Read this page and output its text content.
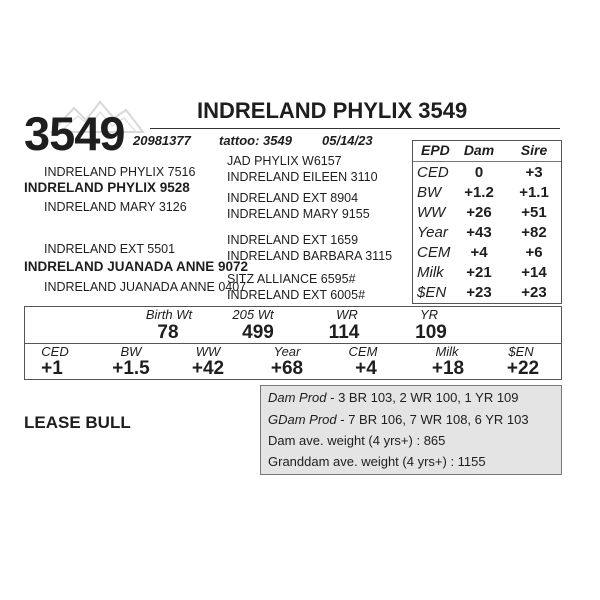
3549	INDRELAND PHYLIX 3549
20981377 tattoo: 3549 05/14/23
INDRELAND PHYLIX 7516
INDRELAND PHYLIX 9528
INDRELAND MARY 3126
INDRELAND EXT 5501
INDRELAND JUANADA ANNE 9072
INDRELAND JUANADA ANNE 0407
JAD PHYLIX W6157
INDRELAND EILEEN 3110
INDRELAND EXT 8904
INDRELAND MARY 9155
INDRELAND EXT 1659
INDRELAND BARBARA 3115
SITZ ALLIANCE 6595#
INDRELAND EXT 6005#
EPD	Dam	Sire
CED	0	+3
BW	+1.2	+1.1
WW	+26	+51
Year	+43	+82
CEM	+4	+6
Milk	+21	+14
$EN	+23	+23
Birth Wt	205 Wt	WR	YR
78	499	114	109
CED	BW	WW	Year	CEM	Milk	$EN
+1	+1.5	+42	+68	+4	+18	+22
LEASE BULL
Dam Prod - 3 BR 103, 2 WR 100, 1 YR 109
GDam Prod - 7 BR 106, 7 WR 108, 6 YR 103
Dam ave. weight (4 yrs+) : 865
Granddam ave. weight (4 yrs+) : 1155
